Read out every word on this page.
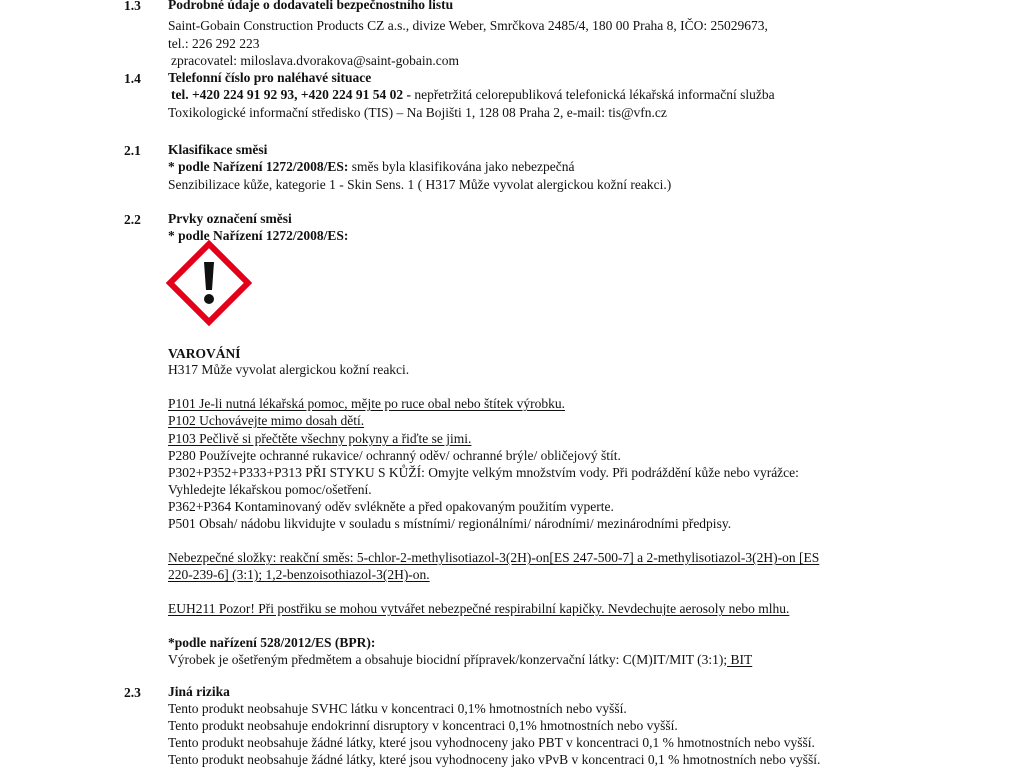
1.3 Podrobné údaje o dodavateli bezpečnostního listu
Saint-Gobain Construction Products CZ a.s., divize Weber, Smrčkova 2485/4, 180 00 Praha 8, IČO: 25029673,
tel.: 226 292 223
zpracovatel: miloslava.dvorakova@saint-gobain.com
1.4 Telefonní číslo pro naléhavé situace
tel. +420 224 91 92 93, +420 224 91 54 02 - nepřetržitá celorepubliková telefonická lékařská informační služba
Toxikologické informační středisko (TIS) – Na Bojišti 1, 128 08 Praha 2, e-mail: tis@vfn.cz
2.1 Klasifikace směsi
* podle Nařízení 1272/2008/ES: směs byla klasifikována jako nebezpečná
Senzibilizace kůže, kategorie 1 - Skin Sens. 1 ( H317 Může vyvolat alergickou kožní reakci.)
2.2 Prvky označení směsi
* podle Nařízení 1272/2008/ES:
VAROVÁNÍ
H317 Může vyvolat alergickou kožní reakci.
P101 Je-li nutná lékařská pomoc, mějte po ruce obal nebo štítek výrobku.
P102 Uchovávejte mimo dosah dětí.
P103 Pečlivě si přečtěte všechny pokyny a řiďte se jimi.
P280 Používejte ochranné rukavice/ ochranný oděv/ ochranné brýle/ obličejový štít.
P302+P352+P333+P313 PŘI STYKU S KŮŽÍ: Omyjte velkým množstvím vody. Při podráždění kůže nebo vyrážce:
Vyhledejte lékařskou pomoc/ošetření.
P362+P364 Kontaminovaný oděv svlékněte a před opakovaným použitím vyperte.
P501 Obsah/ nádobu likvidujte v souladu s místními/ regionálními/ národními/ mezinárodními předpisy.
Nebezpečné složky: reakční směs: 5-chlor-2-methylisotiazol-3(2H)-on[ES 247-500-7] a 2-methylisotiazol-3(2H)-on [ES
220-239-6] (3:1); 1,2-benzoisothiazol-3(2H)-on.
EUH211 Pozor! Při postřiku se mohou vytvářet nebezpečné respirabilní kapičky. Nevdechujte aerosoly nebo mlhu.
*podle nařízení 528/2012/ES (BPR):
Výrobek je ošetřeným předmětem a obsahuje biocidní přípravek/konzervační látky: C(M)IT/MIT (3:1); BIT
2.3 Jiná rizika
Tento produkt neobsahuje SVHC látku v koncentraci 0,1% hmotnostních nebo vyšší.
Tento produkt neobsahuje endokrinní disruptory v koncentraci 0,1% hmotnostních nebo vyšší.
Tento produkt neobsahuje žádné látky, které jsou vyhodnoceny jako PBT v koncentraci 0,1 % hmotnostních nebo vyšší.
Tento produkt neobsahuje žádné látky, které jsou vyhodnoceny jako vPvB v koncentraci 0,1 % hmotnostních nebo vyšší.
